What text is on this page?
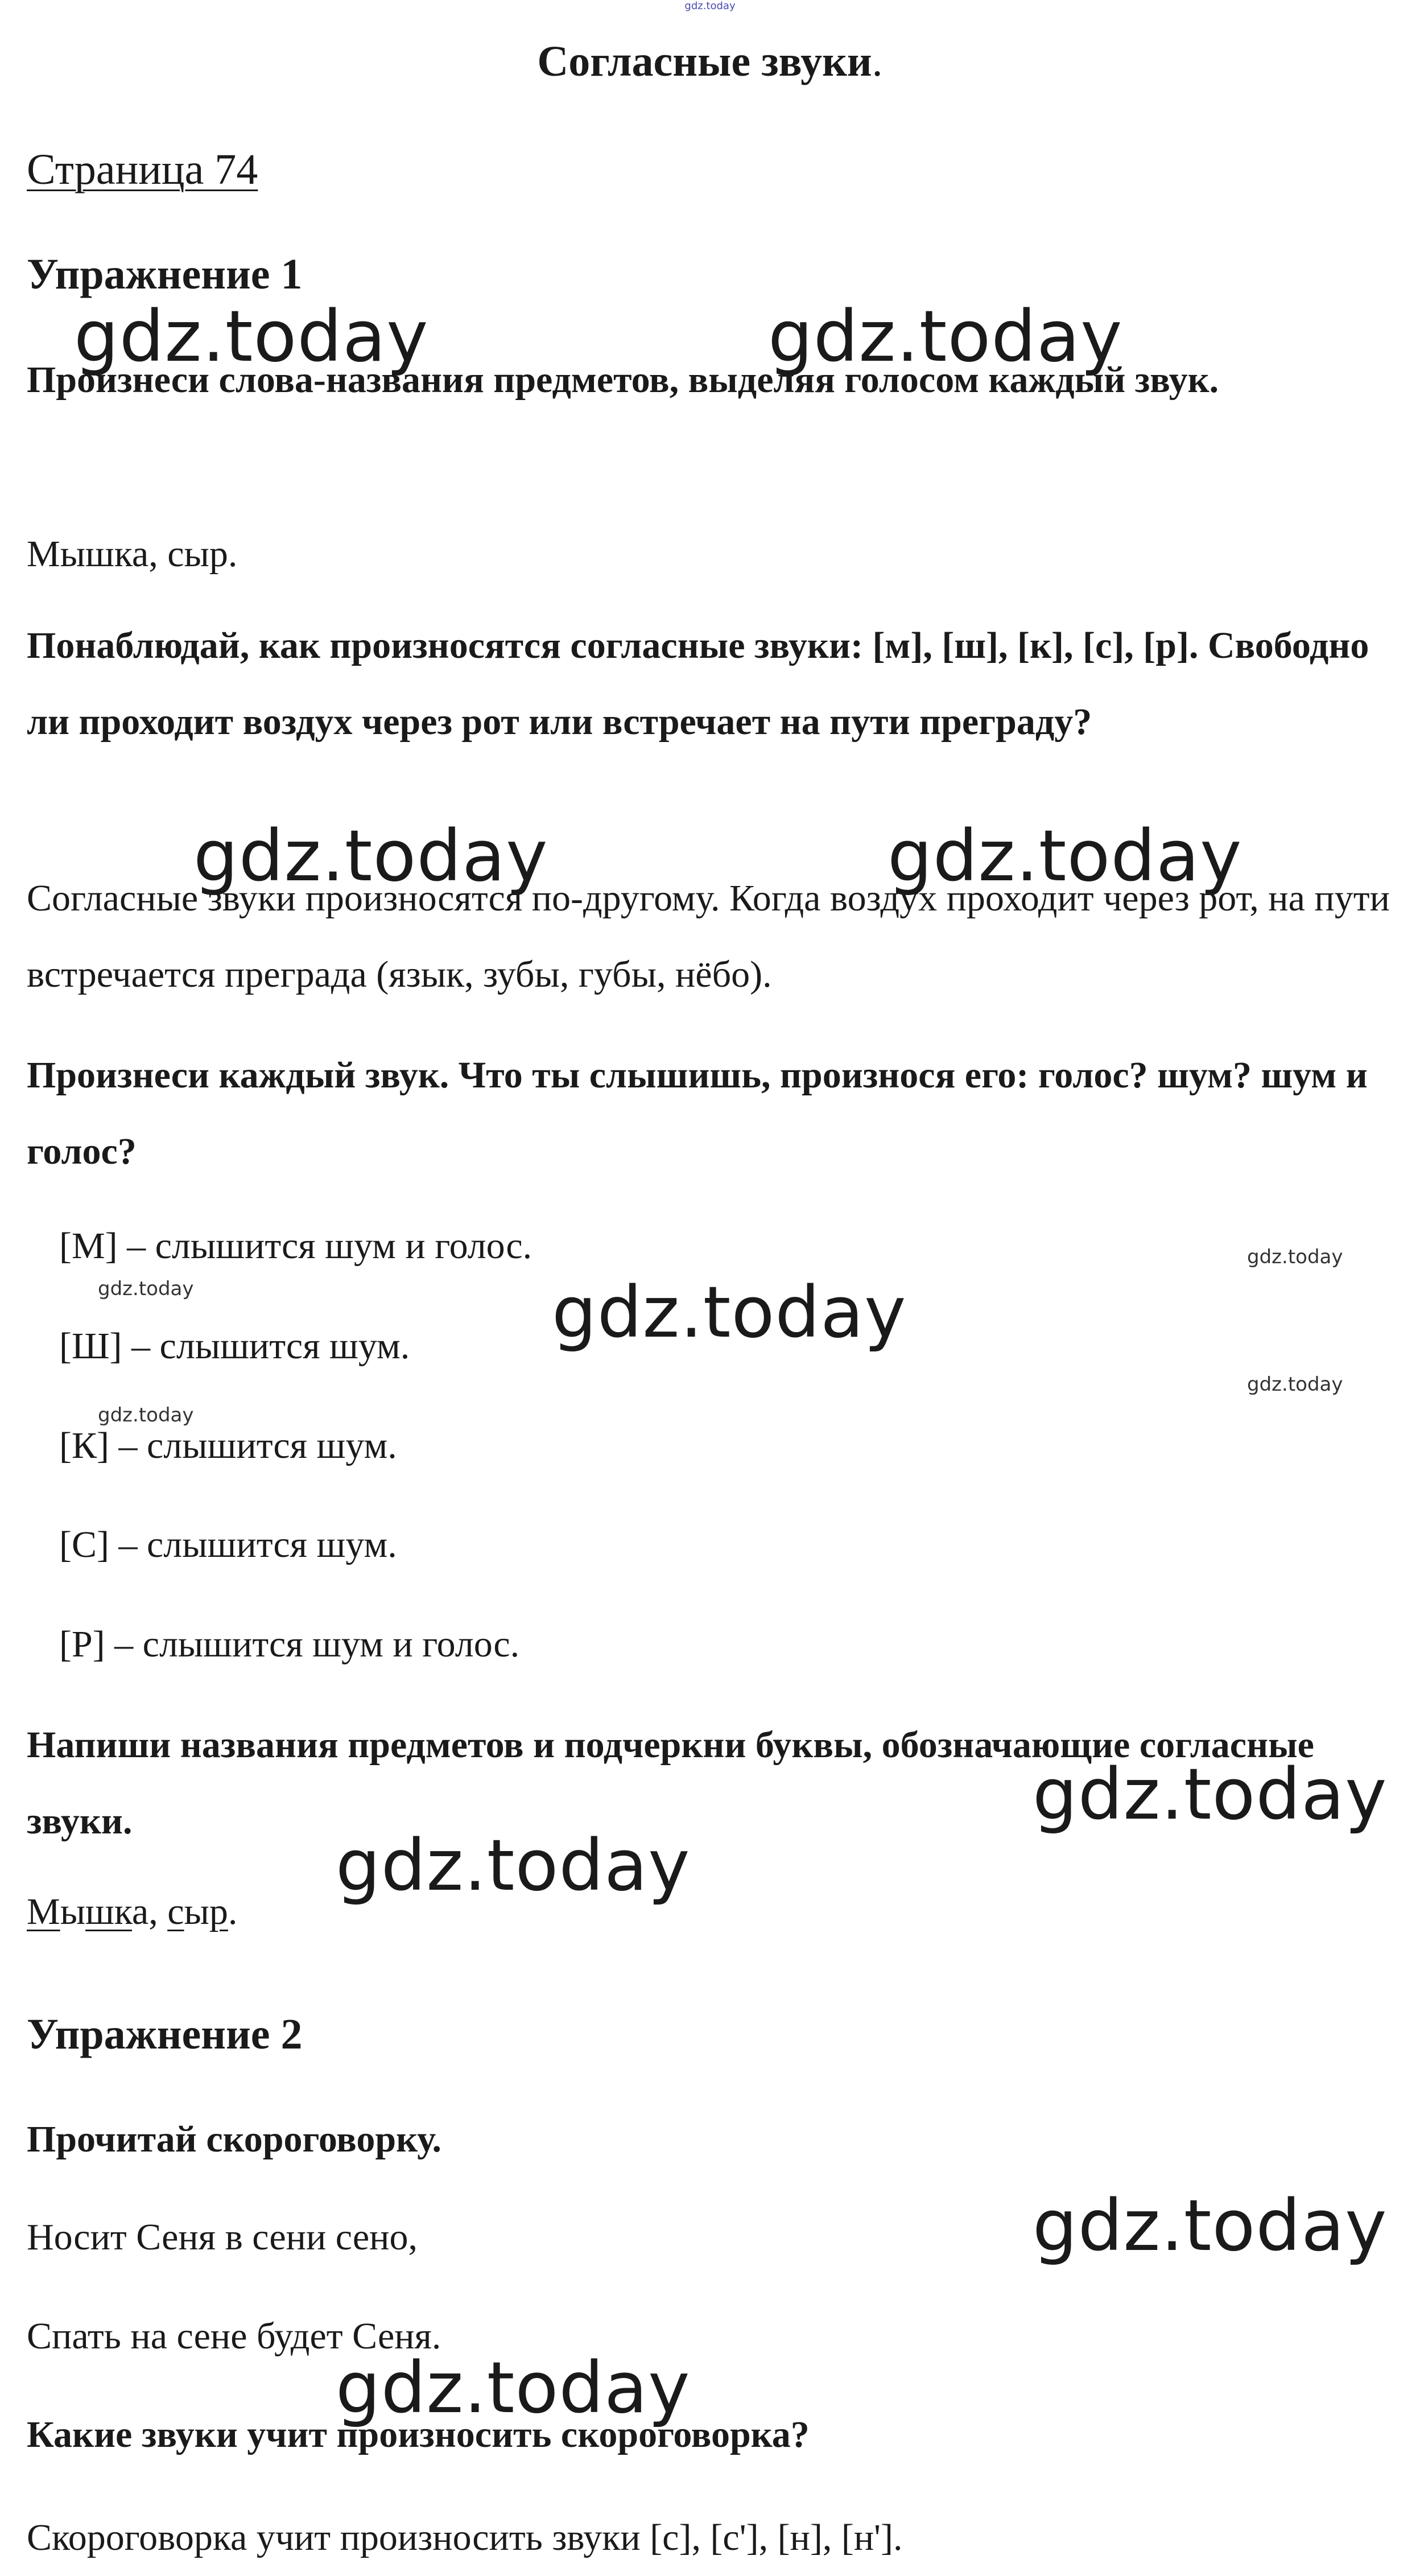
gdz.today
Согласные звуки.
Страница 74
Упражнение 1
Произнеси слова-названия предметов, выделяя голосом каждый звук.
Мышка, сыр.
Понаблюдай, как произносятся согласные звуки: [м], [ш], [к], [с], [р]. Свободно ли проходит воздух через рот или встречает на пути преграду?
Согласные звуки произносятся по-другому. Когда воздух проходит через рот, на пути встречается преграда (язык, зубы, губы, нёбо).
Произнеси каждый звук. Что ты слышишь, произнося его: голос? шум? шум и голос?
[М] – слышится шум и голос.
[Ш] – слышится шум.
[К] – слышится шум.
[С] – слышится шум.
[Р] – слышится шум и голос.
Напиши названия предметов и подчеркни буквы, обозначающие согласные звуки.
Мышка, сыр.
Упражнение 2
Прочитай скороговорку.
Носит Сеня в сени сено,
Спать на сене будет Сеня.
Какие звуки учит произносить скороговорка?
Скороговорка учит произносить звуки [с], [с'], [н], [н'].
gdz.today	gdz.today
gdz.today	gdz.today
gdz.today
gdz.today
gdz.today
gdz.today
gdz.today
gdz.today
gdz.today
gdz.today
gdz.today
